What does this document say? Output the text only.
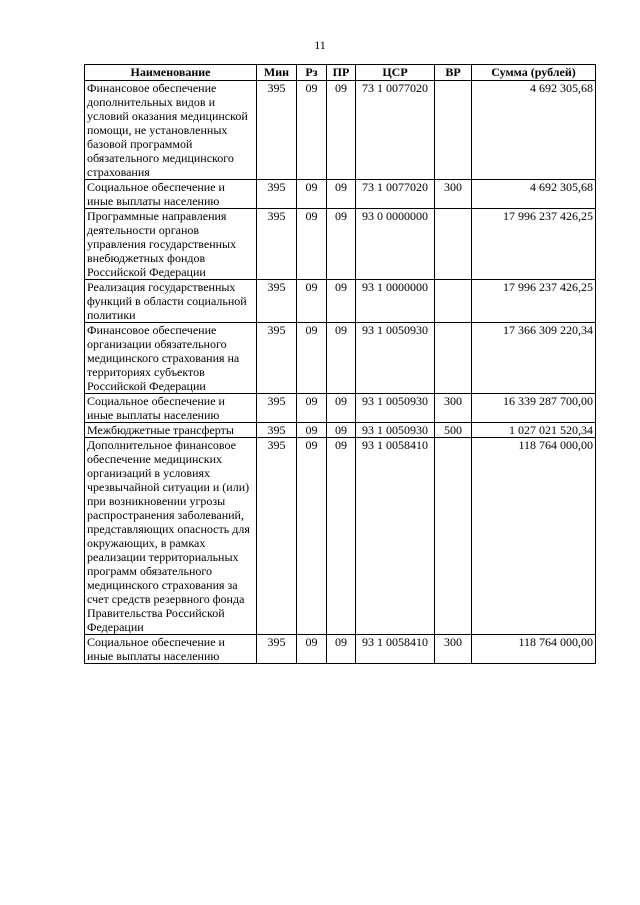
11
Наименование	Мин	Рз	ПР	ЦСР	ВР	Сумма (рублей)
Финансовое обеспечение дополнительных видов и условий оказания медицинской помощи, не установленных базовой программой обязательного медицинского страхования	395	09	09	73 1 0077020		4 692 305,68
Социальное обеспечение и иные выплаты населению	395	09	09	73 1 0077020	300	4 692 305,68
Программные направления деятельности органов управления государственных внебюджетных фондов Российской Федерации	395	09	09	93 0 0000000		17 996 237 426,25
Реализация государственных функций в области социальной политики	395	09	09	93 1 0000000		17 996 237 426,25
Финансовое обеспечение организации обязательного медицинского страхования на территориях субъектов Российской Федерации	395	09	09	93 1 0050930		17 366 309 220,34
Социальное обеспечение и иные выплаты населению	395	09	09	93 1 0050930	300	16 339 287 700,00
Межбюджетные трансферты	395	09	09	93 1 0050930	500	1 027 021 520,34
Дополнительное финансовое обеспечение медицинских организаций в условиях чрезвычайной ситуации и (или) при возникновении угрозы распространения заболеваний, представляющих опасность для окружающих, в рамках реализации территориальных программ обязательного медицинского страхования за счет средств резервного фонда Правительства Российской Федерации	395	09	09	93 1 0058410		118 764 000,00
Социальное обеспечение и иные выплаты населению	395	09	09	93 1 0058410	300	118 764 000,00
